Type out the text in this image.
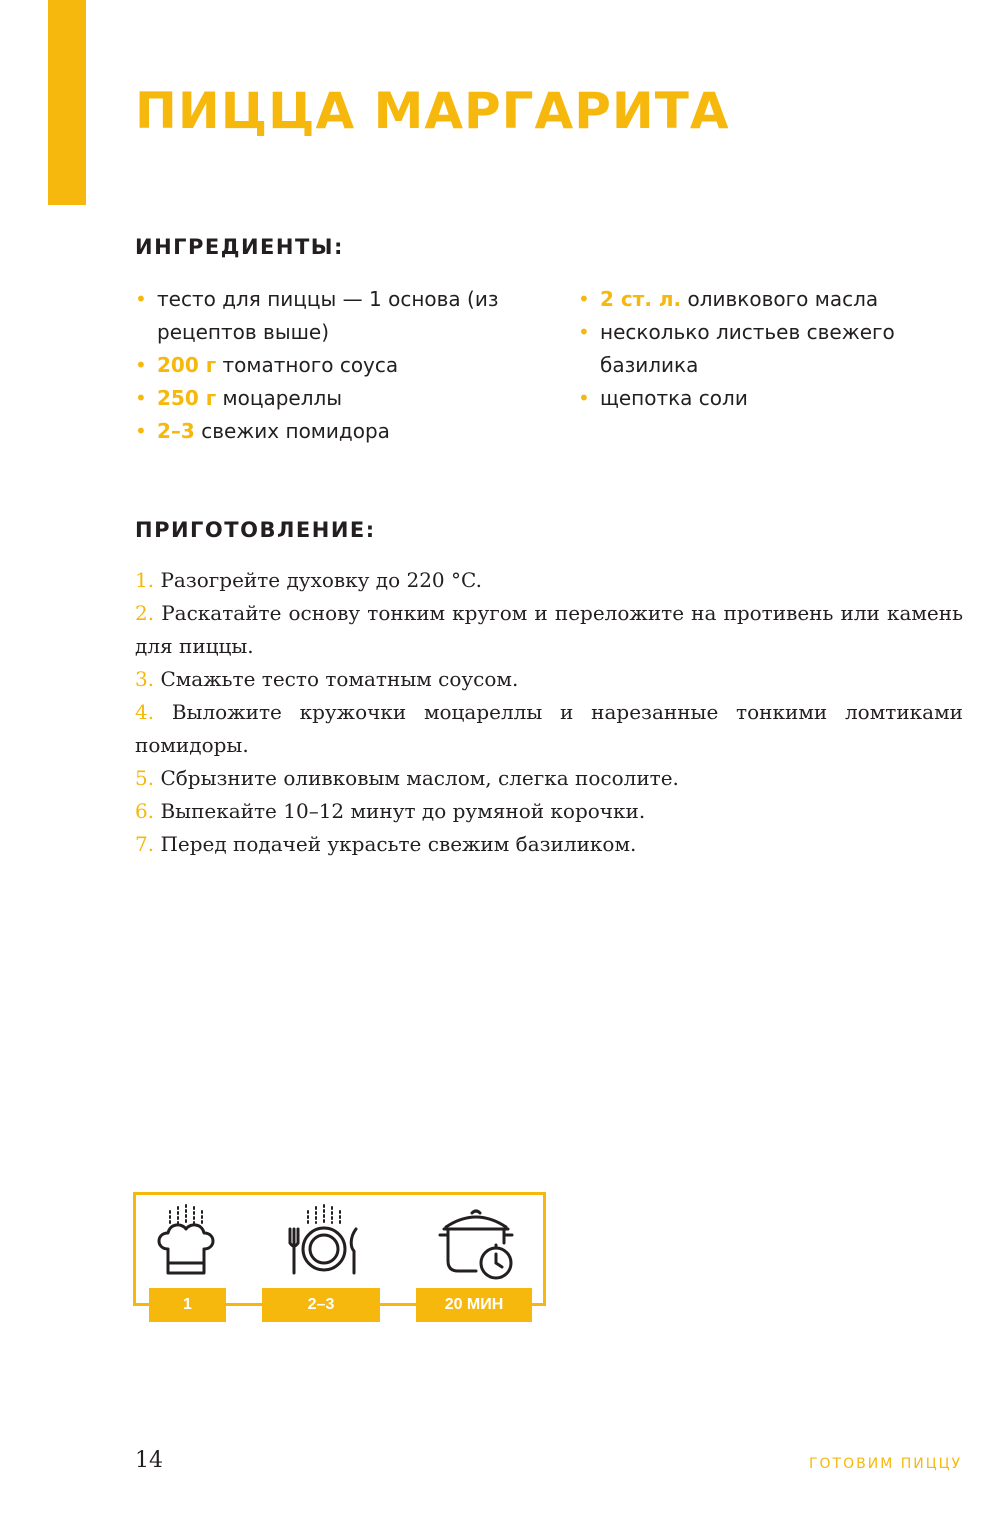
ПИЦЦА МАРГАРИТА
ИНГРЕДИЕНТЫ:
• тесто для пиццы — 1 основа (из рецептов выше)
• 200 г томатного соуса
• 250 г моцареллы
• 2–3 свежих помидора
• 2 ст. л. оливкового масла
• несколько листьев свежего базилика
• щепотка соли
ПРИГОТОВЛЕНИЕ:
1. Разогрейте духовку до 220 °C.
2. Раскатайте основу тонким кругом и переложите на противень или камень для пиццы.
3. Смажьте тесто томатным соусом.
4. Выложите кружочки моцареллы и нарезанные тонкими ломтиками помидоры.
5. Сбрызните оливковым маслом, слегка посолите.
6. Выпекайте 10–12 минут до румяной корочки.
7. Перед подачей украсьте свежим базиликом.
1	2–3	20 МИН
14	ГОТОВИМ ПИЦЦУ
